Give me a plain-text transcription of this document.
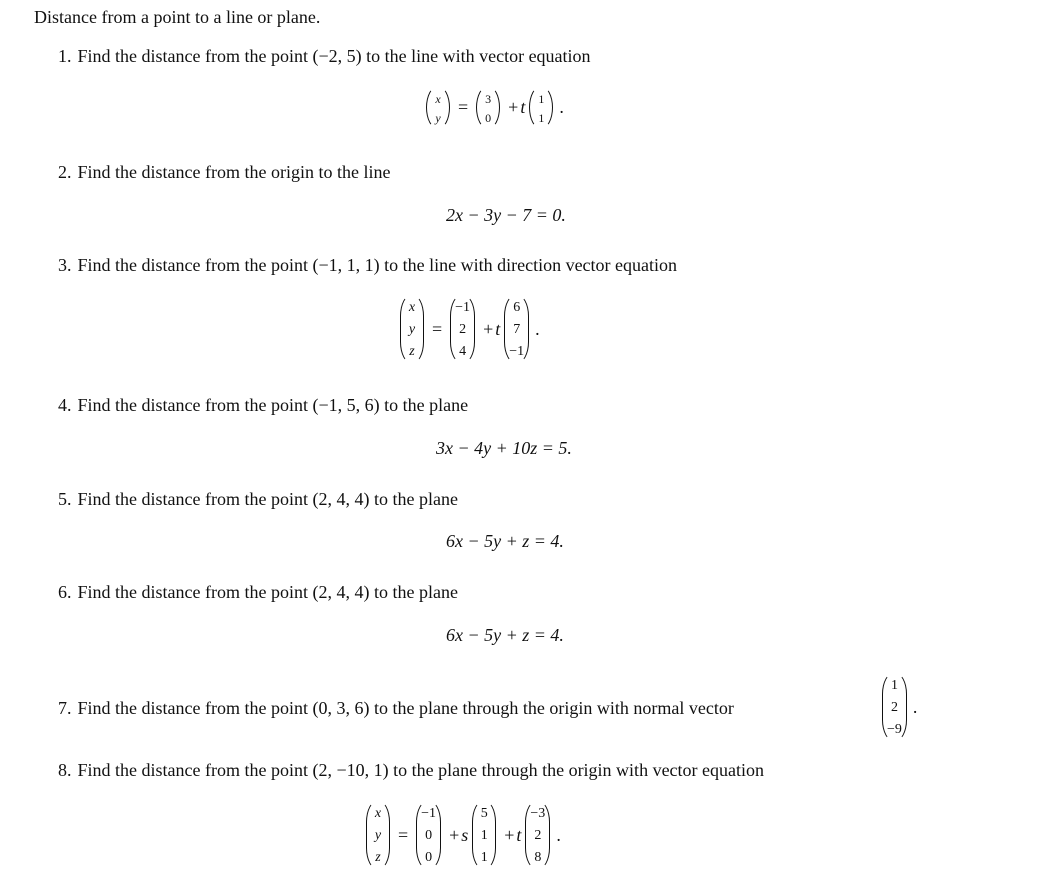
Distance from a point to a line or plane.
1. Find the distance from the point (−2, 5) to the line with vector equation
x
y
= 3
0
+ t 1
1
.
2. Find the distance from the origin to the line
2x − 3y − 7 = 0.
3. Find the distance from the point (−1, 1, 1) to the line with direction vector equation
x
y
z
=
−1
2
4
+ t
6
7
−1
.
4. Find the distance from the point (−1, 5, 6) to the plane
3x − 4y + 10z = 5.
5. Find the distance from the point (2, 4, 4) to the plane
6x − 5y + z = 4.
6. Find the distance from the point (2, 4, 4) to the plane
6x − 5y + z = 4.
7. Find the distance from the point (0, 3, 6) to the plane through the origin with normal vector
1
2
−9
.
8. Find the distance from the point (2, −10, 1) to the plane through the origin with vector equation
x
y
z
=
−1
0
0
+ s
5
1
1
+ t
−3
2
8
.
